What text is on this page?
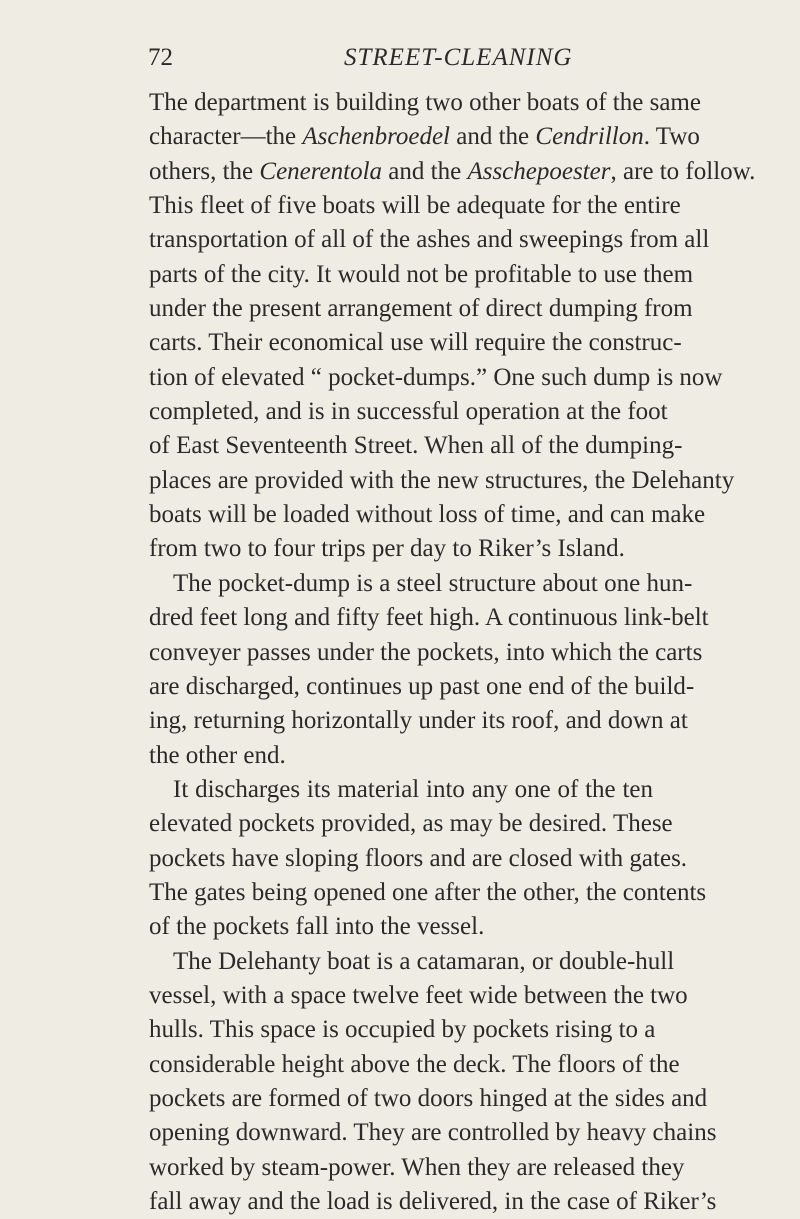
72	STREET-CLEANING
The department is building two other boats of the same
character—the Aschenbroedel and the Cendrillon. Two
others, the Cenerentola and the Asschepoester, are to follow.
This fleet of five boats will be adequate for the entire
transportation of all of the ashes and sweepings from all
parts of the city. It would not be profitable to use them
under the present arrangement of direct dumping from
carts. Their economical use will require the construc-
tion of elevated “ pocket-dumps.” One such dump is now
completed, and is in successful operation at the foot
of East Seventeenth Street. When all of the dumping-
places are provided with the new structures, the Delehanty
boats will be loaded without loss of time, and can make
from two to four trips per day to Riker’s Island.
The pocket-dump is a steel structure about one hun-
dred feet long and fifty feet high. A continuous link-belt
conveyer passes under the pockets, into which the carts
are discharged, continues up past one end of the build-
ing, returning horizontally under its roof, and down at
the other end.
It discharges its material into any one of the ten
elevated pockets provided, as may be desired. These
pockets have sloping floors and are closed with gates.
The gates being opened one after the other, the contents
of the pockets fall into the vessel.
The Delehanty boat is a catamaran, or double-hull
vessel, with a space twelve feet wide between the two
hulls. This space is occupied by pockets rising to a
considerable height above the deck. The floors of the
pockets are formed of two doors hinged at the sides and
opening downward. They are controlled by heavy chains
worked by steam-power. When they are released they
fall away and the load is delivered, in the case of Riker’s
